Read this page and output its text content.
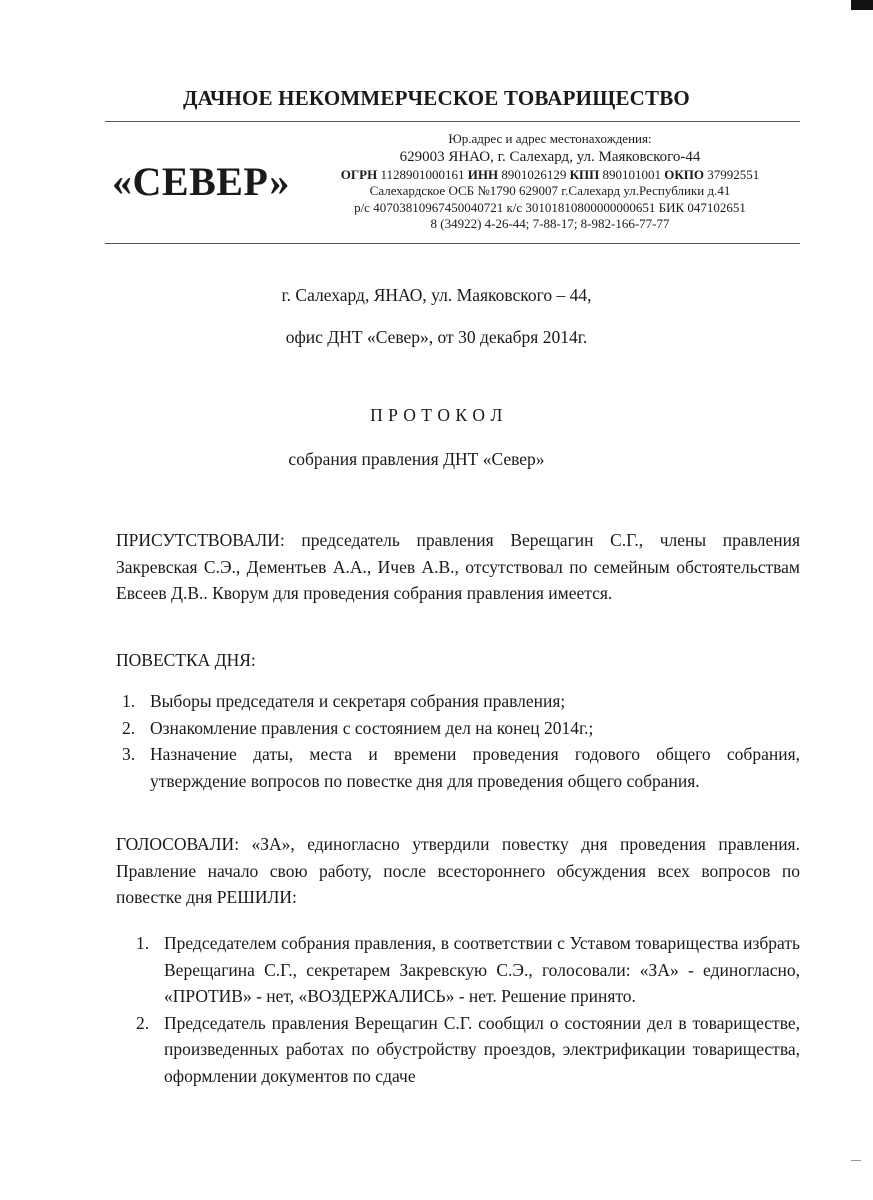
ДАЧНОЕ НЕКОММЕРЧЕСКОЕ ТОВАРИЩЕСТВО
«СЕВЕР»
Юр.адрес и адрес местонахождения:
629003 ЯНАО, г. Салехард, ул. Маяковского-44
ОГРН 1128901000161 ИНН 8901026129 КПП 890101001 ОКПО 37992551
Салехардское ОСБ №1790 629007 г.Салехард ул.Республики д.41
р/с 40703810967450040721 к/с 30101810800000000651 БИК 047102651
8 (34922) 4-26-44; 7-88-17; 8-982-166-77-77
г. Салехард, ЯНАО, ул. Маяковского – 44,
офис ДНТ «Север», от 30 декабря 2014г.
П Р О Т О К О Л
собрания правления ДНТ «Север»
ПРИСУТСТВОВАЛИ: председатель правления Верещагин С.Г., члены правления Закревская С.Э., Дементьев А.А., Ичев А.В., отсутствовал по семейным обстоятельствам Евсеев Д.В.. Кворум для проведения собрания правления имеется.
ПОВЕСТКА ДНЯ:
1. Выборы председателя и секретаря собрания правления;
2. Ознакомление правления с состоянием дел на конец 2014г.;
3. Назначение даты, места и времени проведения годового общего собрания, утверждение вопросов по повестке дня для проведения общего собрания.
ГОЛОСОВАЛИ: «ЗА», единогласно утвердили повестку дня проведения правления. Правление начало свою работу, после всестороннего обсуждения всех вопросов по повестке дня РЕШИЛИ:
1. Председателем собрания правления, в соответствии с Уставом товарищества избрать Верещагина С.Г., секретарем Закревскую С.Э., голосовали: «ЗА» - единогласно, «ПРОТИВ» - нет, «ВОЗДЕРЖАЛИСЬ» - нет. Решение принято.
2. Председатель правления Верещагин С.Г. сообщил о состоянии дел в товариществе, произведенных работах по обустройству проездов, электрификации товарищества, оформлении документов по сдаче
